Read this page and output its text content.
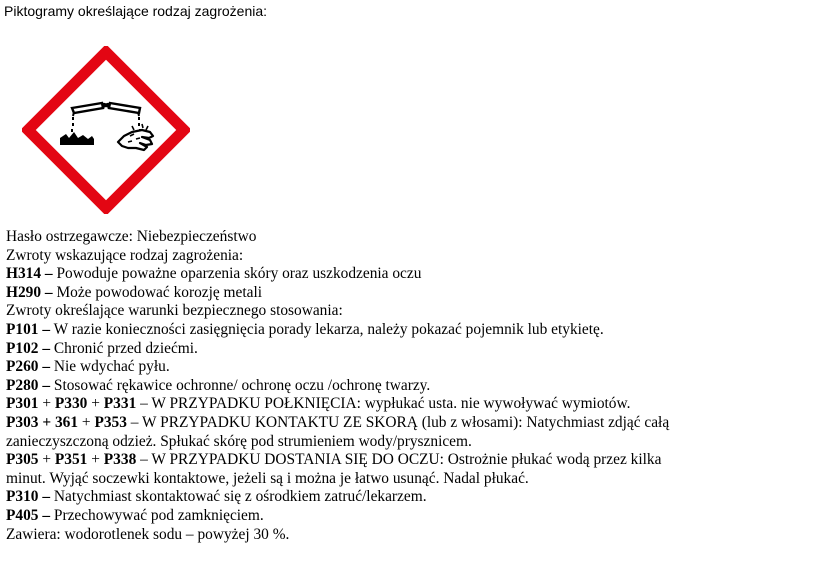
Piktogramy określające rodzaj zagrożenia:
Hasło ostrzegawcze: Niebezpieczeństwo
Zwroty wskazujące rodzaj zagrożenia:
H314 – Powoduje poważne oparzenia skóry oraz uszkodzenia oczu
H290 – Może powodować korozję metali
Zwroty określające warunki bezpiecznego stosowania:
P101 – W razie konieczności zasięgnięcia porady lekarza, należy pokazać pojemnik lub etykietę.
P102 – Chronić przed dziećmi.
P260 – Nie wdychać pyłu.
P280 – Stosować rękawice ochronne/ ochronę oczu /ochronę twarzy.
P301 + P330 + P331 – W PRZYPADKU POŁKNIĘCIA: wypłukać usta. nie wywoływać wymiotów.
P303 + 361 + P353 – W PRZYPADKU KONTAKTU ZE SKORĄ (lub z włosami): Natychmiast zdjąć całą
zanieczyszczoną odzież. Spłukać skórę pod strumieniem wody/prysznicem.
P305 + P351 + P338 – W PRZYPADKU DOSTANIA SIĘ DO OCZU: Ostrożnie płukać wodą przez kilka
minut. Wyjąć soczewki kontaktowe, jeżeli są i można je łatwo usunąć. Nadal płukać.
P310 – Natychmiast skontaktować się z ośrodkiem zatruć/lekarzem.
P405 – Przechowywać pod zamknięciem.
Zawiera: wodorotlenek sodu – powyżej 30 %.
